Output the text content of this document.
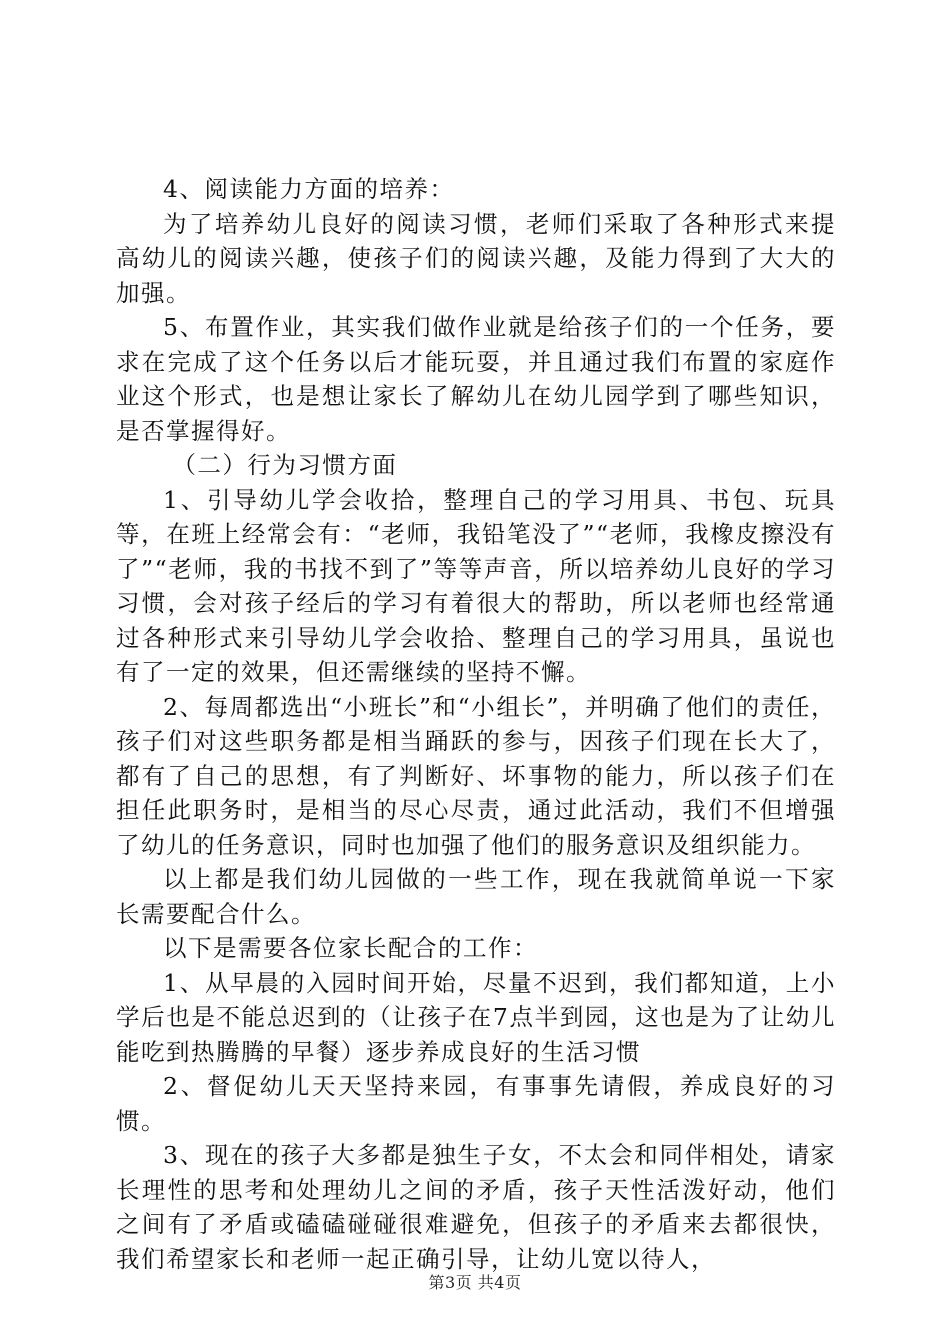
4、阅读能力方面的培养：

为了培养幼儿良好的阅读习惯，老师们采取了各种形式来提高幼儿的阅读兴趣，使孩子们的阅读兴趣，及能力得到了大大的加强。

5、布置作业，其实我们做作业就是给孩子们的一个任务，要求在完成了这个任务以后才能玩耍，并且通过我们布置的家庭作业这个形式，也是想让家长了解幼儿在幼儿园学到了哪些知识，是否掌握得好。

（二）行为习惯方面

1、引导幼儿学会收拾，整理自己的学习用具、书包、玩具等，在班上经常会有：“老师，我铅笔没了”“老师，我橡皮擦没有了”“老师，我的书找不到了”等等声音，所以培养幼儿良好的学习习惯，会对孩子经后的学习有着很大的帮助，所以老师也经常通过各种形式来引导幼儿学会收拾、整理自己的学习用具，虽说也有了一定的效果，但还需继续的坚持不懈。

2、每周都选出“小班长”和“小组长”，并明确了他们的责任，孩子们对这些职务都是相当踊跃的参与，因孩子们现在长大了，都有了自己的思想，有了判断好、坏事物的能力，所以孩子们在担任此职务时，是相当的尽心尽责，通过此活动，我们不但增强了幼儿的任务意识，同时也加强了他们的服务意识及组织能力。

以上都是我们幼儿园做的一些工作，现在我就简单说一下家长需要配合什么。

以下是需要各位家长配合的工作：

1、从早晨的入园时间开始，尽量不迟到，我们都知道，上小学后也是不能总迟到的（让孩子在7点半到园，这也是为了让幼儿能吃到热腾腾的早餐）逐步养成良好的生活习惯

2、督促幼儿天天坚持来园，有事事先请假，养成良好的习惯。

3、现在的孩子大多都是独生子女，不太会和同伴相处，请家长理性的思考和处理幼儿之间的矛盾，孩子天性活泼好动，他们之间有了矛盾或磕磕碰碰很难避免，但孩子的矛盾来去都很快，我们希望家长和老师一起正确引导，让幼儿宽以待人，

第3页 共4页
